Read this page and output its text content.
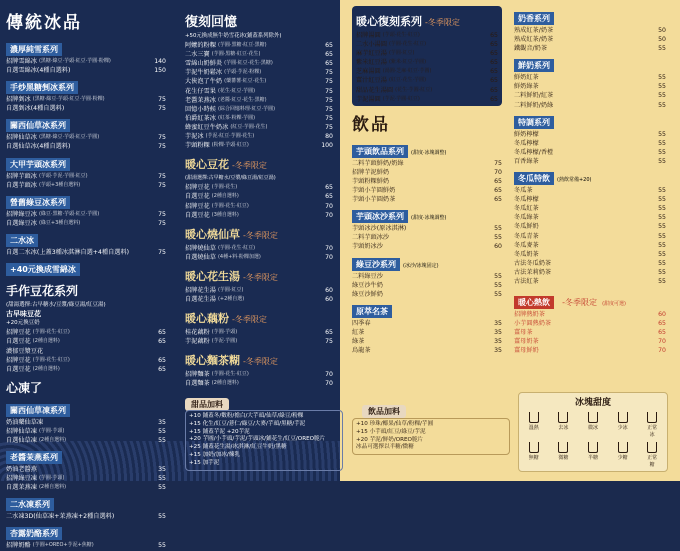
傳統冰品
濃厚純雪系列
招牌雪綿冰 (黑糖·綠豆·芋頭·紅豆·芋圓·粉粿)	140
自選雪綿冰(4種自選料)	150
手炒黑糖剉冰系列
招牌剉冰 (黑糖·綠豆·芋頭·紅豆·芋圓·粉粿)	75
自選剉冰(4種自選料)	75
關西仙草冰系列
招牌仙草冰 (黑糖·綠豆·芋頭·紅豆·芋圓)	75
自選仙草冰(4種自選料)	75
大甲芋頭冰系列
招牌芋頭冰 (芋頭·芋泥·芋圓·紅豆)	75
自選芋頭冰 (芋頭+3種自選料)	75
營舊綠豆冰系列
招牌綠豆冰 (綠豆·黑糖·芋頭·紅豆·芋圓)	75
自選綠豆冰 (綠豆+3種自選料)	75
二水冰
自選二水冰(上蓋3種冰淇淋自選+4種自選料)	75
+40元換成雪綿冰
手作豆花系列
(甜湯選擇:古早糖水/豆漿/綠豆湯/紅豆湯)
古早味豆花
+20元換豆奶
招牌豆花 (芋圓·花生·紅豆)	65
自選豆花 (2種自選料)	65
濃郁豆漿豆花
招牌豆花 (芋圓·花生·紅豆)	65
自選豆花 (2種自選料)	65
心凍了
關西仙草凍系列
奶油藥仙草凍	35
招牌仙草凍 (芋圓·芋頭)	55
自選仙草凍 (2種自選料)	55
老醬茉燕系列
奶油老醬燕	35
招牌綠豆凍 (芋圓·芋頭)	55
自選茉燕凍 (2種自選料)	55
二水凍系列
二水凍3D(仙草凍+茉燕凍+2種自選料)	55
杏露奶酪系列
招牌奶酪 (芋圓+OREO+芋泥+焦糖)	55
復刻回憶
+50元換成無牛奶雪花冰(鋪蓋系列除外)
阿嬤的粉粿 (芋圓·黑糖·紅豆·黑糖)	65
二水三寶 (芋圓·黑糖·紅豆·花生)	65
雪綿山奶鮮炎 (芋圓·紅豆·花生·黑糖)	65
芋泥牛奶鬆冰 (芋頭·芋泥·粉粿)	75
大俠泡了牛奶 (藥蕃薯·紅豆·花生)	75
花生仔雪果 (花生·紅豆·芋圓)	75
老醬茉燕冰 (老醬·紅豆·花生·黑糖)	75
回憶小時候 (綜合回憶料理·紅豆·芋圓)	75
伯爵紅茶冰 (紅茶·粉粿·芋圓)	75
蜂蜜紅豆牛奶冰 (紅豆·芋圓·花生)	75
芋泥冰 (芋泥·紅豆·芋圓·花生)	80
芋頭粉粿 (粉粿·芋頭·紅豆)	100
暖心豆花 -冬季限定
(甜湯選擇:古早糖水/豆漿/綠豆湯/紅豆湯)
招牌豆花 (芋圓·花生)	65
自選豆花 (2種自選料)	65
招牌豆花 (芋圓·花生·紅豆)	70
自選豆花 (3種自選料)	70
暖心燒仙草 -冬季限定
招牌燒仙草 (芋圓·花生·紅豆)	70
自選燒仙草 (4種+料·粉粿加選)	70
暖心花生湯 -冬季限定
招牌花生湯 (芋圓·紅豆)	60
自選花生湯 (+2種自選)	60
暖心藕粉 -冬季限定
桂花藕粉 (芋圓·芋頭)	65
芋泥藕粉 (芋泥·芋圓)	75
暖心麵茶糊 -冬季限定
招牌麵茶 (芋圓·花生·紅豆)	70
自選麵茶 (2種自選料)	70
甜品加料
+10 鋪蓋冬/數粉/擔白/大芋頭/仙草/綠豆/粉粿
+15 化生/紅豆/薏仁/綠豆/大麥/芋頭/黑糖/芋泥
+15 鋪蓋芋泥 +20芋泥
+20 芋圓/小芋頭/芋泥/芋頭冰/鋪花生/紅豆/OREO脆片
+25 鋪蓋花生湯/冰淇淋/紅豆牛奶/黑糖
+15 加奶/加冰/煉乳
+15 加芋泥
暖心復刻系列 -冬季限定
招牌湯圓 (芋頭·花生·紅豆)	65
二水小湯圓 (芋圓·花生·紅豆)	65
麻芋紅豆湯 (芋圓·紅豆)	65
紫米紅豆湯 (紫米·紅豆·芋圓)	65
芝麻湯圓 (湯圓·芝麻·紅豆·芋圓)	65
薑汁紅豆湯 (紅豆·花生·芋圓)	65
甜品花生湯圓 (花生·芋圓·紅豆)	65
芋泥湯圓 (芋泥·芋圓·紅豆)	65
飲品
芋頭飲品系列 (甜度·冰塊調整)
二料芋頭鮮奶/奶綠	75
招牌芋泥鮮奶	70
芋頭粉粿鮮奶	65
芋頭小芋圓鮮奶	65
芋頭小芋圓奶茶	65
芋頭冰沙系列 (甜度·冰塊調整)
芋頭冰沙(原冰淇淋)	55
二料芋頭冰沙	55
芋頭奶冰沙	60
綠豆沙系列 (冰沙/冰塊固定)
二料綠豆沙	55
綠豆沙牛奶	55
綠豆沙鮮奶	55
原萃名茶
四季春	35
紅茶	35
綠茶	35
烏龍茶	35
飲品加料
+10 珍珠/椰果/仙草/粉粿/芋圓
+15 小芋頭/紅豆/綠豆/芋泥
+20 芋泥/鮮奶/OREO脆片
冰品可選擇以半糖/微糖
奶香系列
熟成紅茶/奶茶	50
熟成紅茶/奶茶	50
鐵觀音/奶茶	55
鮮奶系列
鮮奶紅茶	55
鮮奶綠茶	55
二料鮮奶/紅茶	55
二料鮮奶/奶綠	55
特調系列
鮮奶檸檬	55
冬瓜檸檬	55
冬瓜檸檬/香橙	55
百香綠茶	55
冬瓜特飲 (熱飲常備+20)
冬瓜茶	55
冬瓜檸檬	55
冬瓜紅茶	55
冬瓜綠茶	55
冬瓜鮮奶	55
冬瓜青茶	55
冬瓜麥茶	55
冬瓜奶茶	55
古法冬瓜奶茶	55
古法茉莉奶茶	55
古法紅茶	55
暖心熱飲 -冬季限定 (甜度可選)
招牌熱奶茶	60
小芋圓熱奶茶	65
薑母茶	65
薑母奶茶	70
薑母鮮奶	70
冰塊甜度
溫熱	去冰	微冰	少冰	正常冰
無糖	微糖	半糖	少糖	正常糖
